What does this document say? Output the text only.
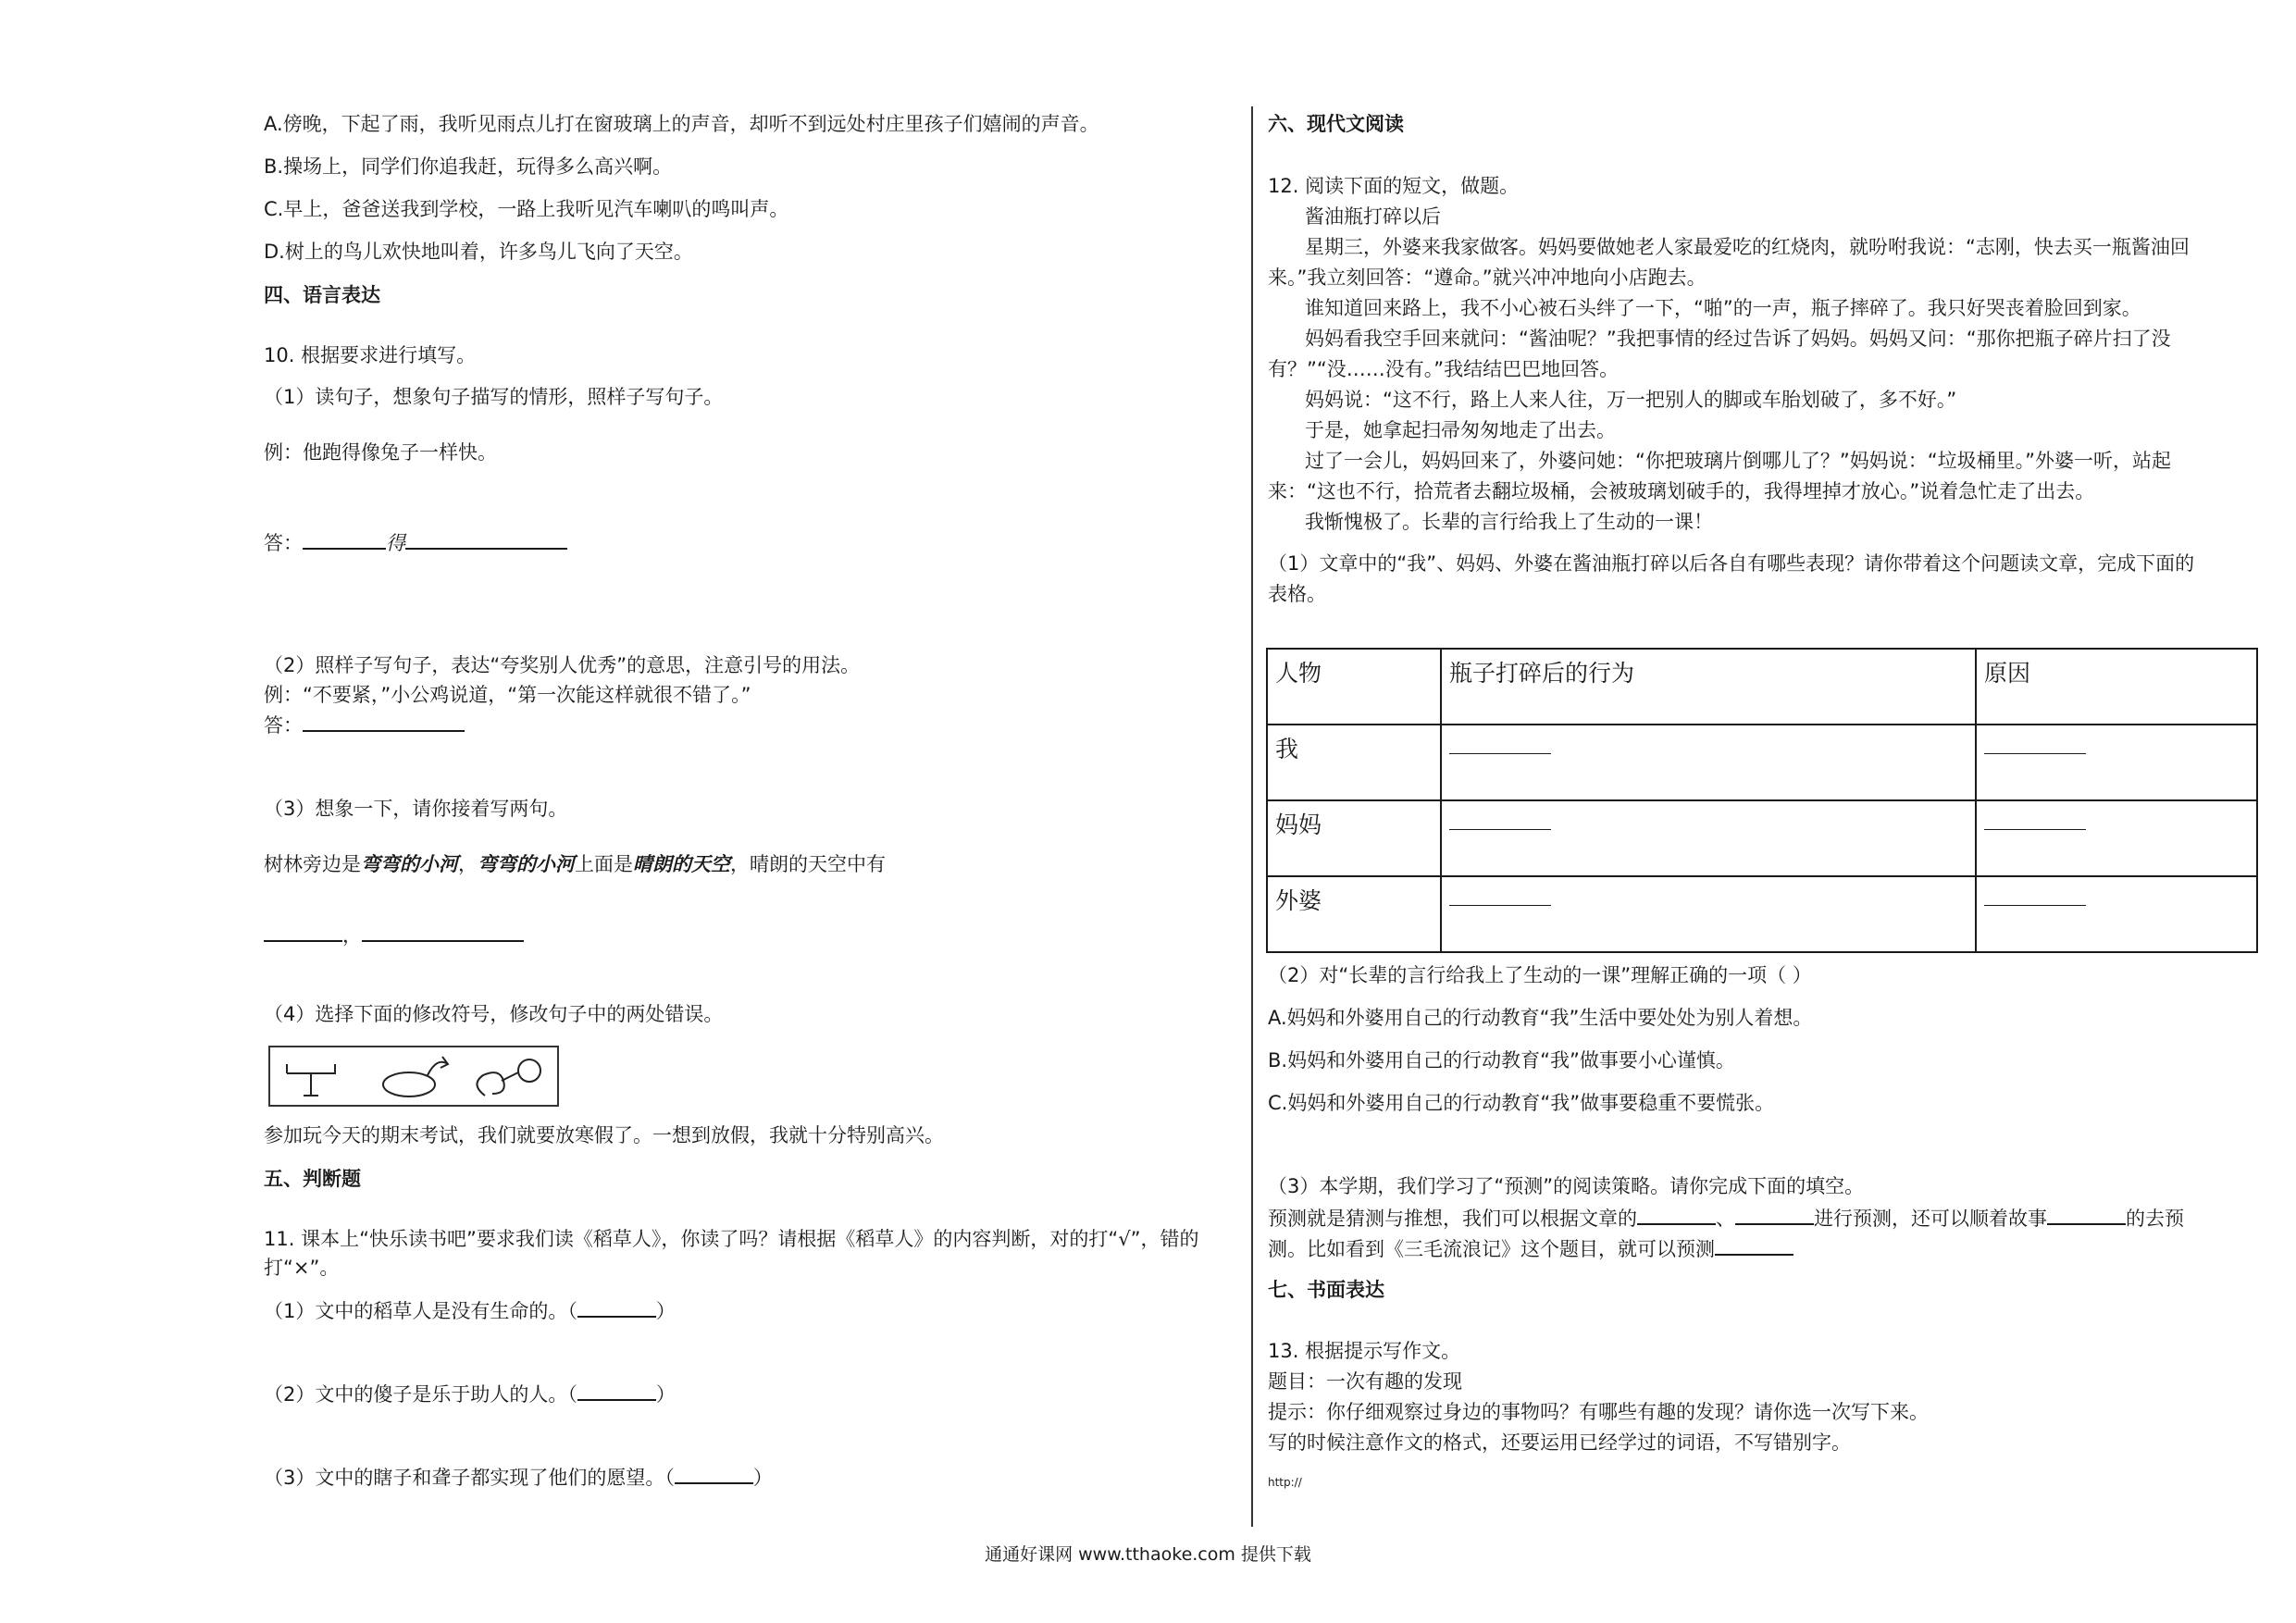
A.傍晚，下起了雨，我听见雨点儿打在窗玻璃上的声音，却听不到远处村庄里孩子们嬉闹的声音。
B.操场上，同学们你追我赶，玩得多么高兴啊。
C.早上，爸爸送我到学校，一路上我听见汽车喇叭的鸣叫声。
D.树上的鸟儿欢快地叫着，许多鸟儿飞向了天空。
四、语言表达
10. 根据要求进行填写。
（1）读句子，想象句子描写的情形，照样子写句子。
例：他跑得像兔子一样快。
答：	得
（2）照样子写句子，表达“夸奖别人优秀”的意思，注意引号的用法。
例：“不要紧，”小公鸡说道，“第一次能这样就很不错了。”
答：
（3）想象一下，请你接着写两句。
树林旁边是弯弯的小河，弯弯的小河上面是晴朗的天空，晴朗的天空中有
，
（4）选择下面的修改符号，修改句子中的两处错误。
参加玩今天的期末考试，我们就要放寒假了。一想到放假，我就十分特别高兴。
五、判断题
11. 课本上“快乐读书吧”要求我们读《稻草人》，你读了吗？请根据《稻草人》的内容判断，对的打“√”，错的
打“×”。
（1）文中的稻草人是没有生命的。（	）
（2）文中的傻子是乐于助人的人。（	）
（3）文中的瞎子和聋子都实现了他们的愿望。（	）
六、现代文阅读
12. 阅读下面的短文，做题。
酱油瓶打碎以后
星期三，外婆来我家做客。妈妈要做她老人家最爱吃的红烧肉，就吩咐我说：“志刚，快去买一瓶酱油回
来。”我立刻回答：“遵命。”就兴冲冲地向小店跑去。
谁知道回来路上，我不小心被石头绊了一下，“啪”的一声，瓶子摔碎了。我只好哭丧着脸回到家。
妈妈看我空手回来就问：“酱油呢？”我把事情的经过告诉了妈妈。妈妈又问：“那你把瓶子碎片扫了没
有？”“没……没有。”我结结巴巴地回答。
妈妈说：“这不行，路上人来人往，万一把别人的脚或车胎划破了，多不好。”
于是，她拿起扫帚匆匆地走了出去。
过了一会儿，妈妈回来了，外婆问她：“你把玻璃片倒哪儿了？”妈妈说：“垃圾桶里。”外婆一听，站起
来：“这也不行，拾荒者去翻垃圾桶，会被玻璃划破手的，我得埋掉才放心。”说着急忙走了出去。
我惭愧极了。长辈的言行给我上了生动的一课！
（1）文章中的“我”、妈妈、外婆在酱油瓶打碎以后各自有哪些表现？请你带着这个问题读文章，完成下面的
表格。
（2）对“长辈的言行给我上了生动的一课”理解正确的一项（ ）
A.妈妈和外婆用自己的行动教育“我”生活中要处处为别人着想。
B.妈妈和外婆用自己的行动教育“我”做事要小心谨慎。
C.妈妈和外婆用自己的行动教育“我”做事要稳重不要慌张。
（3）本学期，我们学习了“预测”的阅读策略。请你完成下面的填空。
预测就是猜测与推想，我们可以根据文章的	、	进行预测，还可以顺着故事	的去预
测。比如看到《三毛流浪记》这个题目，就可以预测
七、书面表达
13. 根据提示写作文。
题目：一次有趣的发现
提示：你仔细观察过身边的事物吗？有哪些有趣的发现？请你选一次写下来。
写的时候注意作文的格式，还要运用已经学过的词语，不写错别字。
http://
人物	瓶子打碎后的行为	原因
我		
妈妈		
外婆		
通通好课网 www.tthaoke.com 提供下载
